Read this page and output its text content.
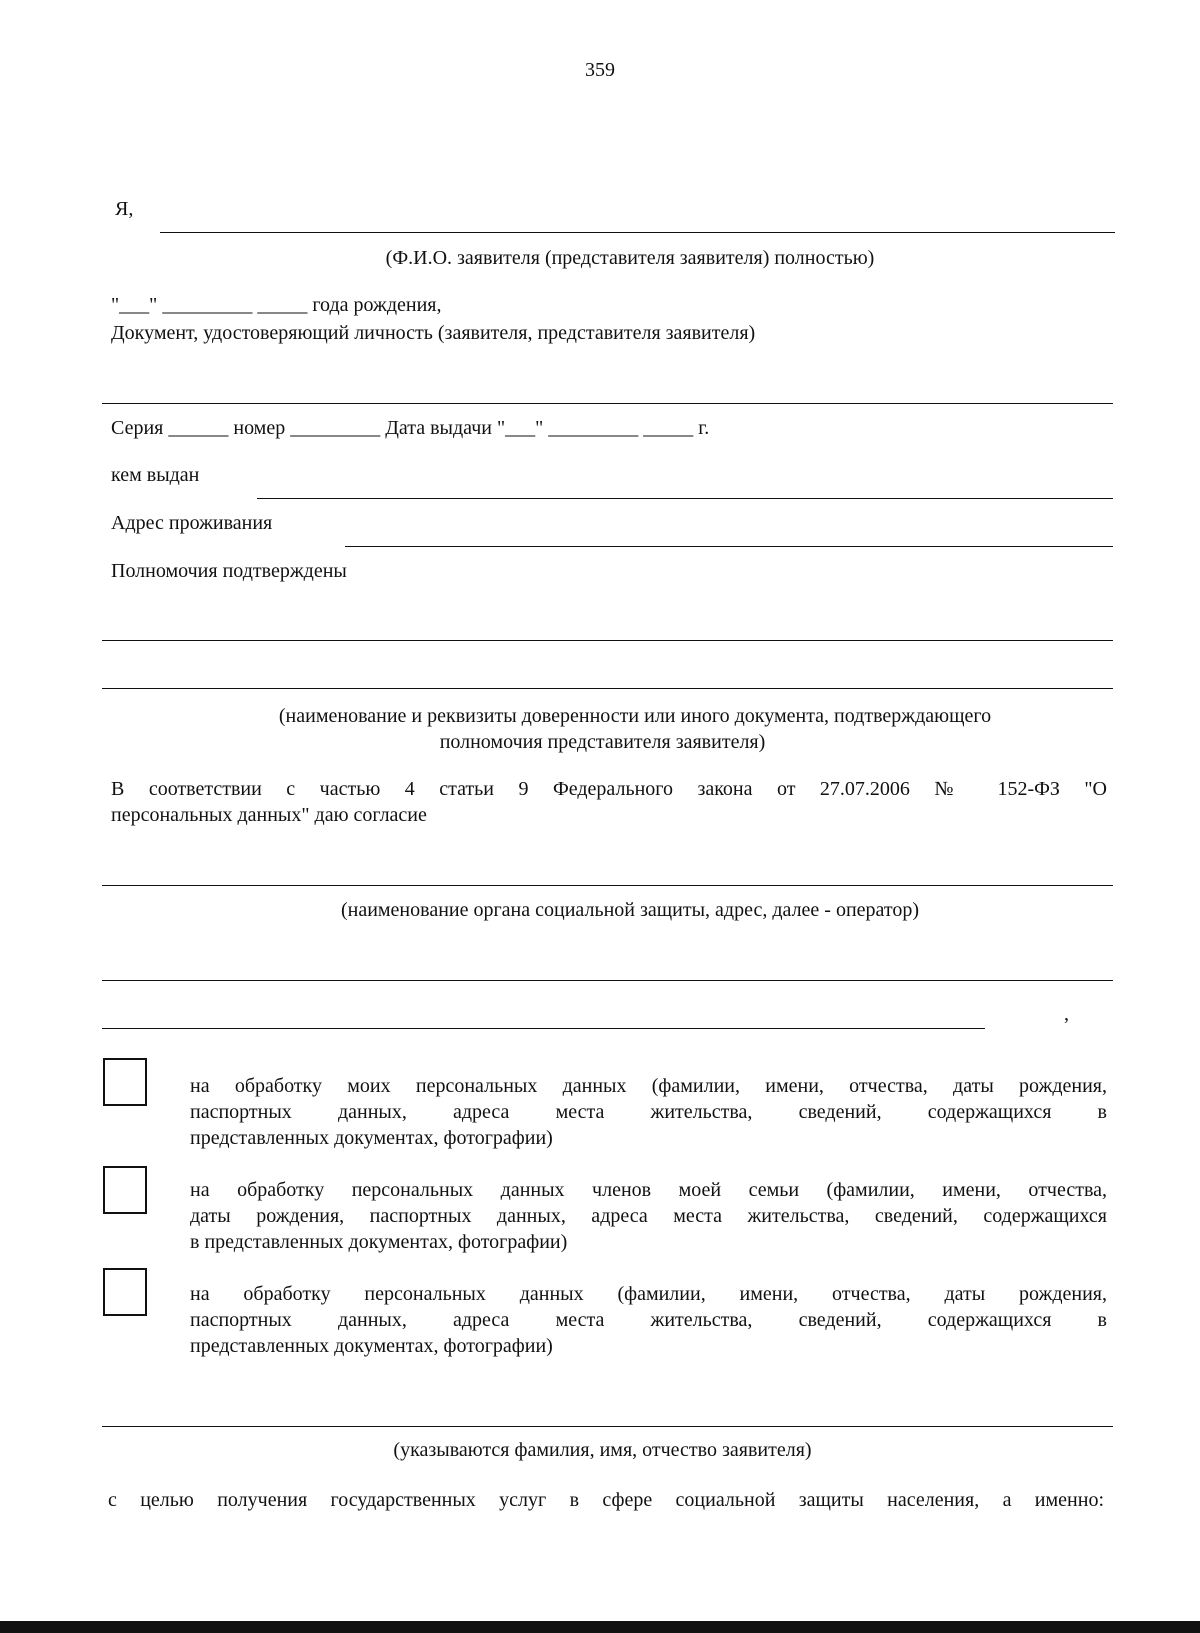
359
Я,
(Ф.И.О. заявителя (представителя заявителя) полностью)
"___" _________ _____ года рождения,
Документ, удостоверяющий личность (заявителя, представителя заявителя)
Серия ______ номер _________ Дата выдачи "___" _________ _____ г.
кем выдан
Адрес проживания
Полномочия подтверждены
(наименование и реквизиты доверенности или иного документа, подтверждающего
полномочия представителя заявителя)
В соответствии с частью 4 статьи 9 Федерального закона от 27.07.2006 № 152-ФЗ "О
персональных данных" даю согласие
(наименование органа социальной защиты, адрес, далее - оператор)
,
на обработку моих персональных данных (фамилии, имени, отчества, даты рождения,
паспортных данных, адреса места жительства, сведений, содержащихся в
представленных документах, фотографии)
на обработку персональных данных членов моей семьи (фамилии, имени, отчества,
даты рождения, паспортных данных, адреса места жительства, сведений, содержащихся
в представленных документах, фотографии)
на обработку персональных данных (фамилии, имени, отчества, даты рождения,
паспортных данных, адреса места жительства, сведений, содержащихся в
представленных документах, фотографии)
(указываются фамилия, имя, отчество заявителя)
с целью получения государственных услуг в сфере социальной защиты населения, а именно:
